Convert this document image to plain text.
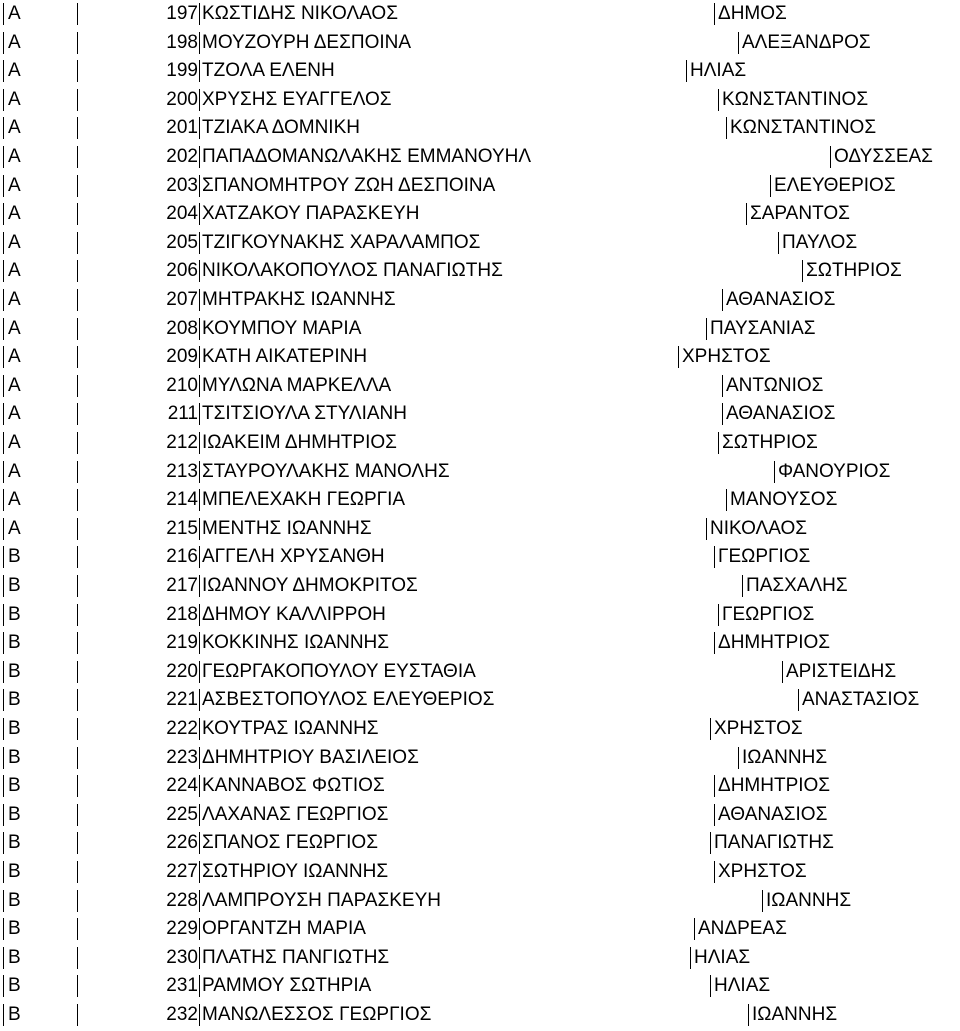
Α	197 ΚΩΣΤΙΔΗΣ ΝΙΚΟΛΑΟΣ	ΔΗΜΟΣ
Α	198 ΜΟΥΖΟΥΡΗ ΔΕΣΠΟΙΝΑ	ΑΛΕΞΑΝΔΡΟΣ
Α	199 ΤΖΟΛΑ ΕΛΕΝΗ	ΗΛΙΑΣ
Α	200 ΧΡΥΣΗΣ ΕΥΑΓΓΕΛΟΣ	ΚΩΝΣΤΑΝΤΙΝΟΣ
Α	201 ΤΖΙΑΚΑ ΔΟΜΝΙΚΗ	ΚΩΝΣΤΑΝΤΙΝΟΣ
Α	202 ΠΑΠΑΔΟΜΑΝΩΛΑΚΗΣ ΕΜΜΑΝΟΥΗΛ	ΟΔΥΣΣΕΑΣ
Α	203 ΣΠΑΝΟΜΗΤΡΟΥ ΖΩΗ ΔΕΣΠΟΙΝΑ	ΕΛΕΥΘΕΡΙΟΣ
Α	204 ΧΑΤΖΑΚΟΥ ΠΑΡΑΣΚΕΥΗ	ΣΑΡΑΝΤΟΣ
Α	205 ΤΖΙΓΚΟΥΝΑΚΗΣ ΧΑΡΑΛΑΜΠΟΣ	ΠΑΥΛΟΣ
Α	206 ΝΙΚΟΛΑΚΟΠΟΥΛΟΣ ΠΑΝΑΓΙΩΤΗΣ	ΣΩΤΗΡΙΟΣ
Α	207 ΜΗΤΡΑΚΗΣ ΙΩΑΝΝΗΣ	ΑΘΑΝΑΣΙΟΣ
Α	208 ΚΟΥΜΠΟΥ ΜΑΡΙΑ	ΠΑΥΣΑΝΙΑΣ
Α	209 ΚΑΤΗ ΑΙΚΑΤΕΡΙΝΗ	ΧΡΗΣΤΟΣ
Α	210 ΜΥΛΩΝΑ ΜΑΡΚΕΛΛΑ	ΑΝΤΩΝΙΟΣ
Α	211 ΤΣΙΤΣΙΟΥΛΑ ΣΤΥΛΙΑΝΗ	ΑΘΑΝΑΣΙΟΣ
Α	212 ΙΩΑΚΕΙΜ ΔΗΜΗΤΡΙΟΣ	ΣΩΤΗΡΙΟΣ
Α	213 ΣΤΑΥΡΟΥΛΑΚΗΣ ΜΑΝΟΛΗΣ	ΦΑΝΟΥΡΙΟΣ
Α	214 ΜΠΕΛΕΧΑΚΗ ΓΕΩΡΓΙΑ	ΜΑΝΟΥΣΟΣ
Α	215 ΜΕΝΤΗΣ ΙΩΑΝΝΗΣ	ΝΙΚΟΛΑΟΣ
Β	216 ΑΓΓΕΛΗ ΧΡΥΣΑΝΘΗ	ΓΕΩΡΓΙΟΣ
Β	217 ΙΩΑΝΝΟΥ ΔΗΜΟΚΡΙΤΟΣ	ΠΑΣΧΑΛΗΣ
Β	218 ΔΗΜΟΥ ΚΑΛΛΙΡΡΟΗ	ΓΕΩΡΓΙΟΣ
Β	219 ΚΟΚΚΙΝΗΣ ΙΩΑΝΝΗΣ	ΔΗΜΗΤΡΙΟΣ
Β	220 ΓΕΩΡΓΑΚΟΠΟΥΛΟΥ ΕΥΣΤΑΘΙΑ	ΑΡΙΣΤΕΙΔΗΣ
Β	221 ΑΣΒΕΣΤΟΠΟΥΛΟΣ ΕΛΕΥΘΕΡΙΟΣ	ΑΝΑΣΤΑΣΙΟΣ
Β	222 ΚΟΥΤΡΑΣ ΙΩΑΝΝΗΣ	ΧΡΗΣΤΟΣ
Β	223 ΔΗΜΗΤΡΙΟΥ ΒΑΣΙΛΕΙΟΣ	ΙΩΑΝΝΗΣ
Β	224 ΚΑΝΝΑΒΟΣ ΦΩΤΙΟΣ	ΔΗΜΗΤΡΙΟΣ
Β	225 ΛΑΧΑΝΑΣ ΓΕΩΡΓΙΟΣ	ΑΘΑΝΑΣΙΟΣ
Β	226 ΣΠΑΝΟΣ ΓΕΩΡΓΙΟΣ	ΠΑΝΑΓΙΩΤΗΣ
Β	227 ΣΩΤΗΡΙΟΥ ΙΩΑΝΝΗΣ	ΧΡΗΣΤΟΣ
Β	228 ΛΑΜΠΡΟΥΣΗ ΠΑΡΑΣΚΕΥΗ	ΙΩΑΝΝΗΣ
Β	229 ΟΡΓΑΝΤΖΗ ΜΑΡΙΑ	ΑΝΔΡΕΑΣ
Β	230 ΠΛΑΤΗΣ ΠΑΝΓΙΩΤΗΣ	ΗΛΙΑΣ
Β	231 ΡΑΜΜΟΥ ΣΩΤΗΡΙΑ	ΗΛΙΑΣ
Β	232 ΜΑΝΩΛΕΣΣΟΣ ΓΕΩΡΓΙΟΣ	ΙΩΑΝΝΗΣ
